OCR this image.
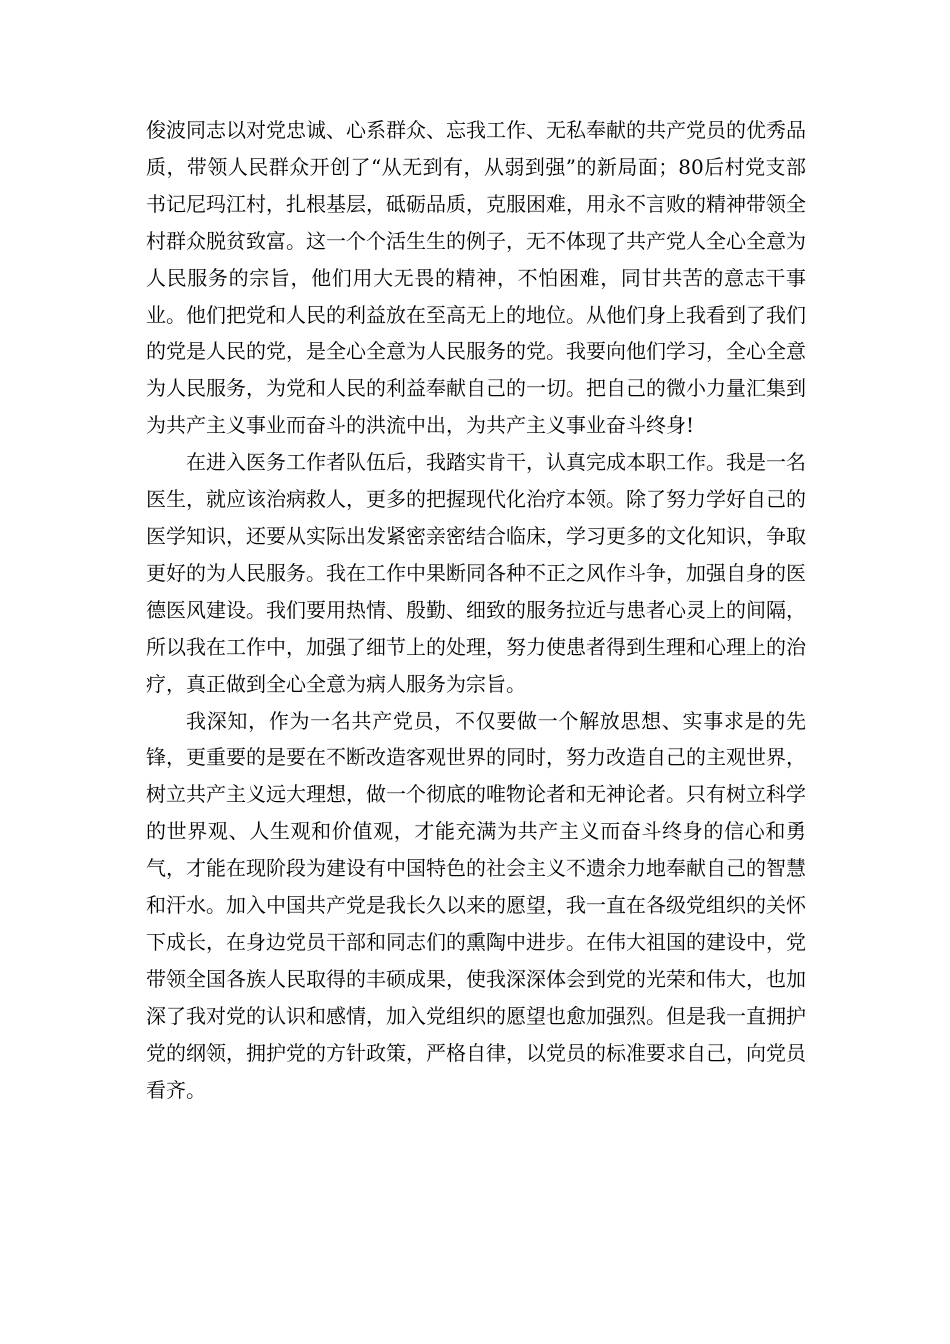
俊波同志以对党忠诚、心系群众、忘我工作、无私奉献的共产党员的优秀品质，带领人民群众开创了“从无到有，从弱到强”的新局面；80后村党支部书记尼玛江村，扎根基层，砥砺品质，克服困难，用永不言败的精神带领全村群众脱贫致富。这一个个活生生的例子，无不体现了共产党人全心全意为人民服务的宗旨，他们用大无畏的精神，不怕困难，同甘共苦的意志干事业。他们把党和人民的利益放在至高无上的地位。从他们身上我看到了我们的党是人民的党，是全心全意为人民服务的党。我要向他们学习，全心全意为人民服务，为党和人民的利益奉献自己的一切。把自己的微小力量汇集到为共产主义事业而奋斗的洪流中出，为共产主义事业奋斗终身!

在进入医务工作者队伍后，我踏实肯干，认真完成本职工作。我是一名医生，就应该治病救人，更多的把握现代化治疗本领。除了努力学好自己的医学知识，还要从实际出发紧密亲密结合临床，学习更多的文化知识，争取更好的为人民服务。我在工作中果断同各种不正之风作斗争，加强自身的医德医风建设。我们要用热情、殷勤、细致的服务拉近与患者心灵上的间隔，所以我在工作中，加强了细节上的处理，努力使患者得到生理和心理上的治疗，真正做到全心全意为病人服务为宗旨。

我深知，作为一名共产党员，不仅要做一个解放思想、实事求是的先锋，更重要的是要在不断改造客观世界的同时，努力改造自己的主观世界，树立共产主义远大理想，做一个彻底的唯物论者和无神论者。只有树立科学的世界观、人生观和价值观，才能充满为共产主义而奋斗终身的信心和勇气，才能在现阶段为建设有中国特色的社会主义不遗余力地奉献自己的智慧和汗水。加入中国共产党是我长久以来的愿望，我一直在各级党组织的关怀下成长，在身边党员干部和同志们的熏陶中进步。在伟大祖国的建设中，党带领全国各族人民取得的丰硕成果，使我深深体会到党的光荣和伟大，也加深了我对党的认识和感情，加入党组织的愿望也愈加强烈。但是我一直拥护党的纲领，拥护党的方针政策，严格自律，以党员的标准要求自己，向党员看齐。
